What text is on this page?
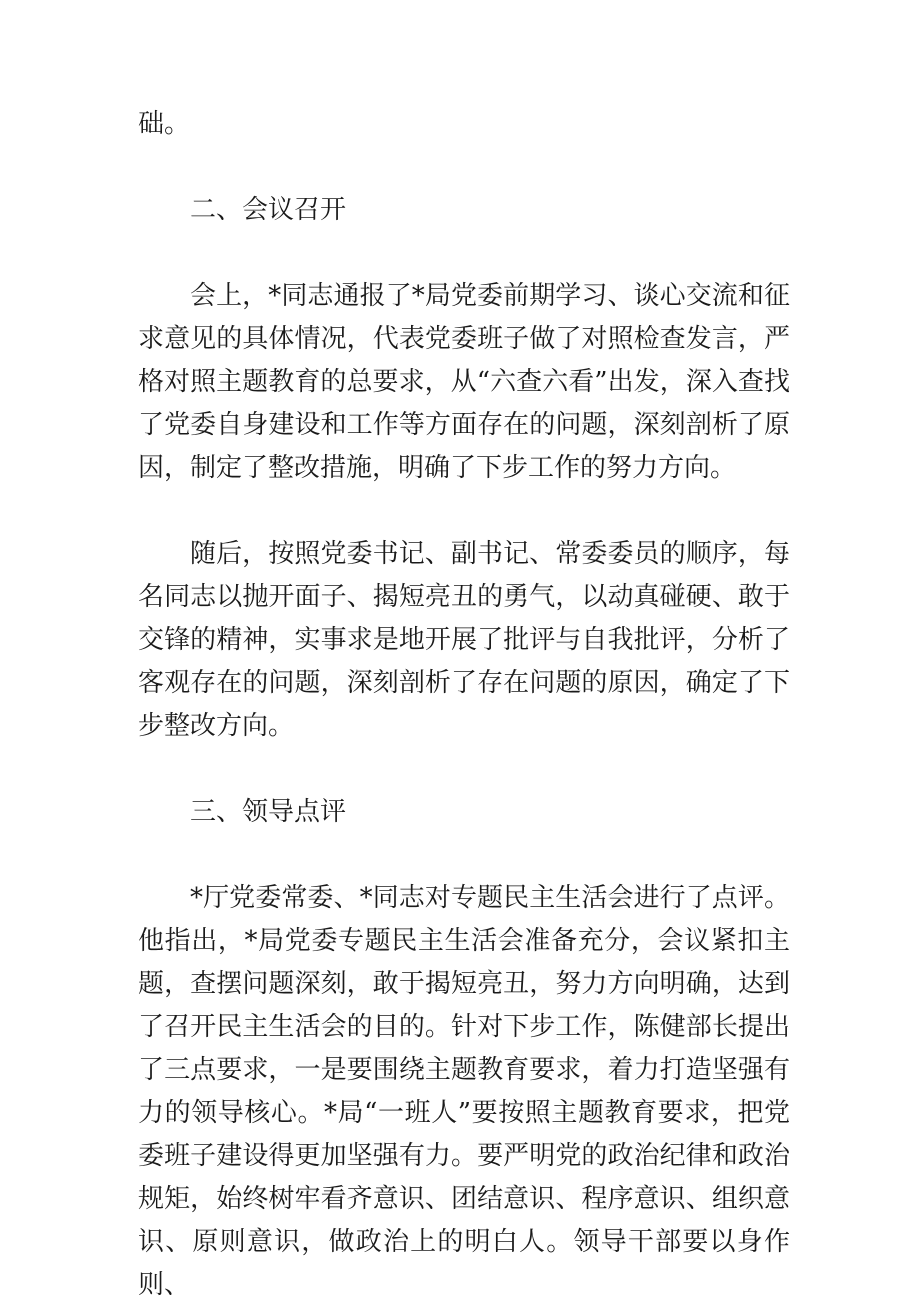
础。

二、会议召开

会上，*同志通报了*局党委前期学习、谈心交流和征求意见的具体情况，代表党委班子做了对照检查发言，严格对照主题教育的总要求，从“六查六看”出发，深入查找了党委自身建设和工作等方面存在的问题，深刻剖析了原因，制定了整改措施，明确了下步工作的努力方向。

随后，按照党委书记、副书记、常委委员的顺序，每名同志以抛开面子、揭短亮丑的勇气，以动真碰硬、敢于交锋的精神，实事求是地开展了批评与自我批评，分析了客观存在的问题，深刻剖析了存在问题的原因，确定了下步整改方向。

三、领导点评

*厅党委常委、*同志对专题民主生活会进行了点评。他指出，*局党委专题民主生活会准备充分，会议紧扣主题，查摆问题深刻，敢于揭短亮丑，努力方向明确，达到了召开民主生活会的目的。针对下步工作，陈健部长提出了三点要求，一是要围绕主题教育要求，着力打造坚强有力的领导核心。*局“一班人”要按照主题教育要求，把党委班子建设得更加坚强有力。要严明党的政治纪律和政治规矩，始终树牢看齐意识、团结意识、程序意识、组织意识、原则意识，做政治上的明白人。领导干部要以身作则、
